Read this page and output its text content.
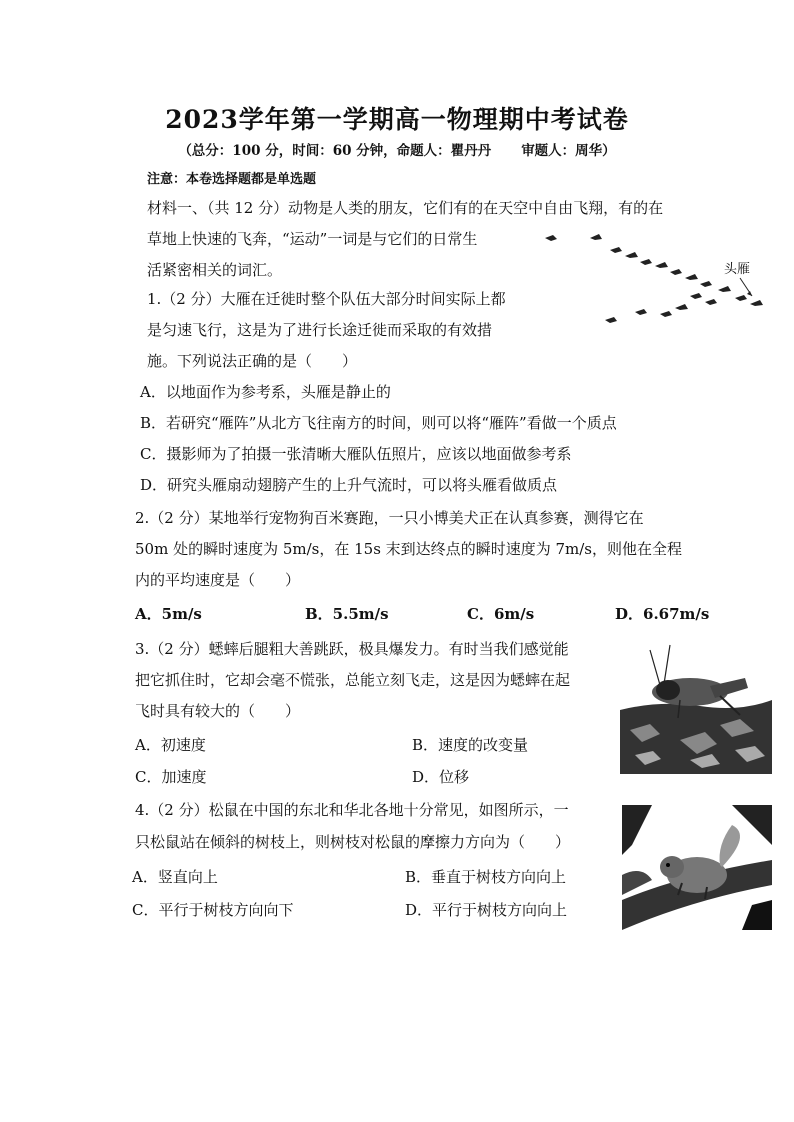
2023学年第一学期高一物理期中考试卷
（总分：100 分，时间：60 分钟，命题人：瞿丹丹 审题人：周华）
注意：本卷选择题都是单选题
材料一、（共 12 分）动物是人类的朋友，它们有的在天空中自由飞翔，有的在
草地上快速的飞奔，“运动”一词是与它们的日常生
活紧密相关的词汇。	头雁
1.（2 分）大雁在迁徙时整个队伍大部分时间实际上都
是匀速飞行，这是为了进行长途迁徙而采取的有效措
施。下列说法正确的是（　　）
A．以地面作为参考系，头雁是静止的
B．若研究“雁阵”从北方飞往南方的时间，则可以将“雁阵”看做一个质点
C．摄影师为了拍摄一张清晰大雁队伍照片，应该以地面做参考系
D．研究头雁扇动翅膀产生的上升气流时，可以将头雁看做质点
2.（2 分）某地举行宠物狗百米赛跑，一只小博美犬正在认真参赛，测得它在
50m 处的瞬时速度为 5m/s，在 15s 末到达终点的瞬时速度为 7m/s，则他在全程
内的平均速度是（　　）
A．5m/s	B．5.5m/s	C．6m/s	D．6.67m/s
3.（2 分）蟋蟀后腿粗大善跳跃，极具爆发力。有时当我们感觉能
把它抓住时，它却会毫不慌张，总能立刻飞走，这是因为蟋蟀在起
飞时具有较大的（　　）
A．初速度	B．速度的改变量
C．加速度	D．位移
4.（2 分）松鼠在中国的东北和华北各地十分常见，如图所示，一
只松鼠站在倾斜的树枝上，则树枝对松鼠的摩擦力方向为（　　）
A．竖直向上	B．垂直于树枝方向向上
C．平行于树枝方向向下	D．平行于树枝方向向上
